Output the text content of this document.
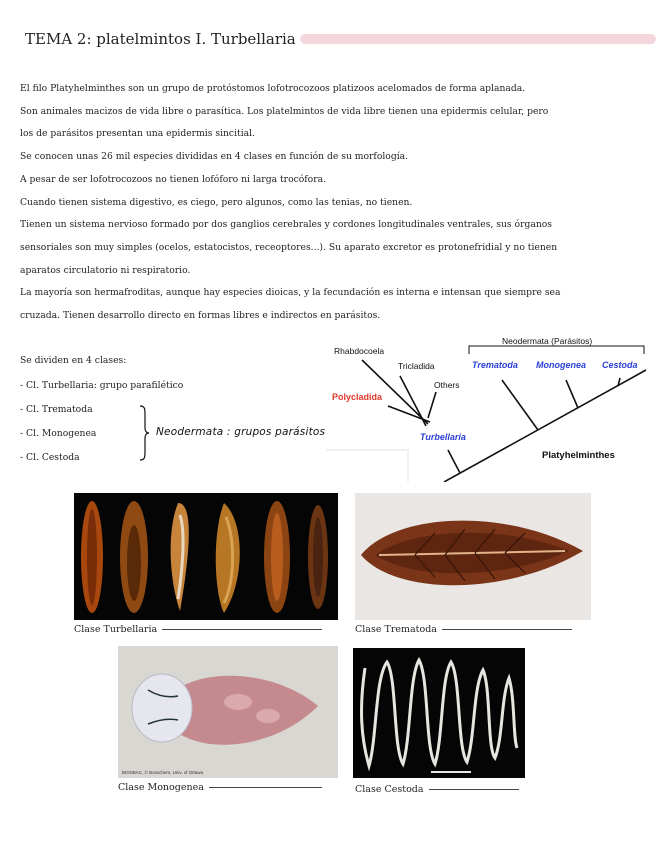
TEMA 2: platelmintos I. Turbellaria
El filo Platyhelminthes son un grupo de protóstomos lofotrocozoos platizoos acelomados de forma aplanada.
Son animales macizos de vida libre o parasítica. Los platelmintos de vida libre tienen una epidermis celular, pero
los de parásitos presentan una epidermis sincitial.
Se conocen unas 26 mil especies divididas en 4 clases en función de su morfología.
A pesar de ser lofotrocozoos no tienen lofóforo ni larga trocófora.
Cuando tienen sistema digestivo, es ciego, pero algunos, como las tenias, no tienen.
Tienen un sistema nervioso formado por dos ganglios cerebrales y cordones longitudinales ventrales, sus órganos
sensoriales son muy simples (ocelos, estatocistos, receoptores...). Su aparato excretor es protonefridial y no tienen
aparatos circulatorio ni respiratorio.
La mayoría son hermafroditas, aunque hay especies dioicas, y la fecundación es interna e intensan que siempre sea
cruzada. Tienen desarrollo directo en formas libres e indirectos en parásitos.
Se dividen en 4 clases:
- Cl. Turbellaria: grupo parafilético
- Cl. Trematoda
- Cl. Monogenea
- Cl. Cestoda
Neodermata : grupos parásitos
Neodermata (Parásitos)
Rhabdocoela
Tricladida
Others
Polycladida
Turbellaria
Trematoda Monogenea Cestoda
Platyhelminthes
Clase Turbellaria	Clase Trematoda
BIOSBAC, © Bosschem, Univ. of Ottawa
Clase Monogenea	Clase Cestoda
